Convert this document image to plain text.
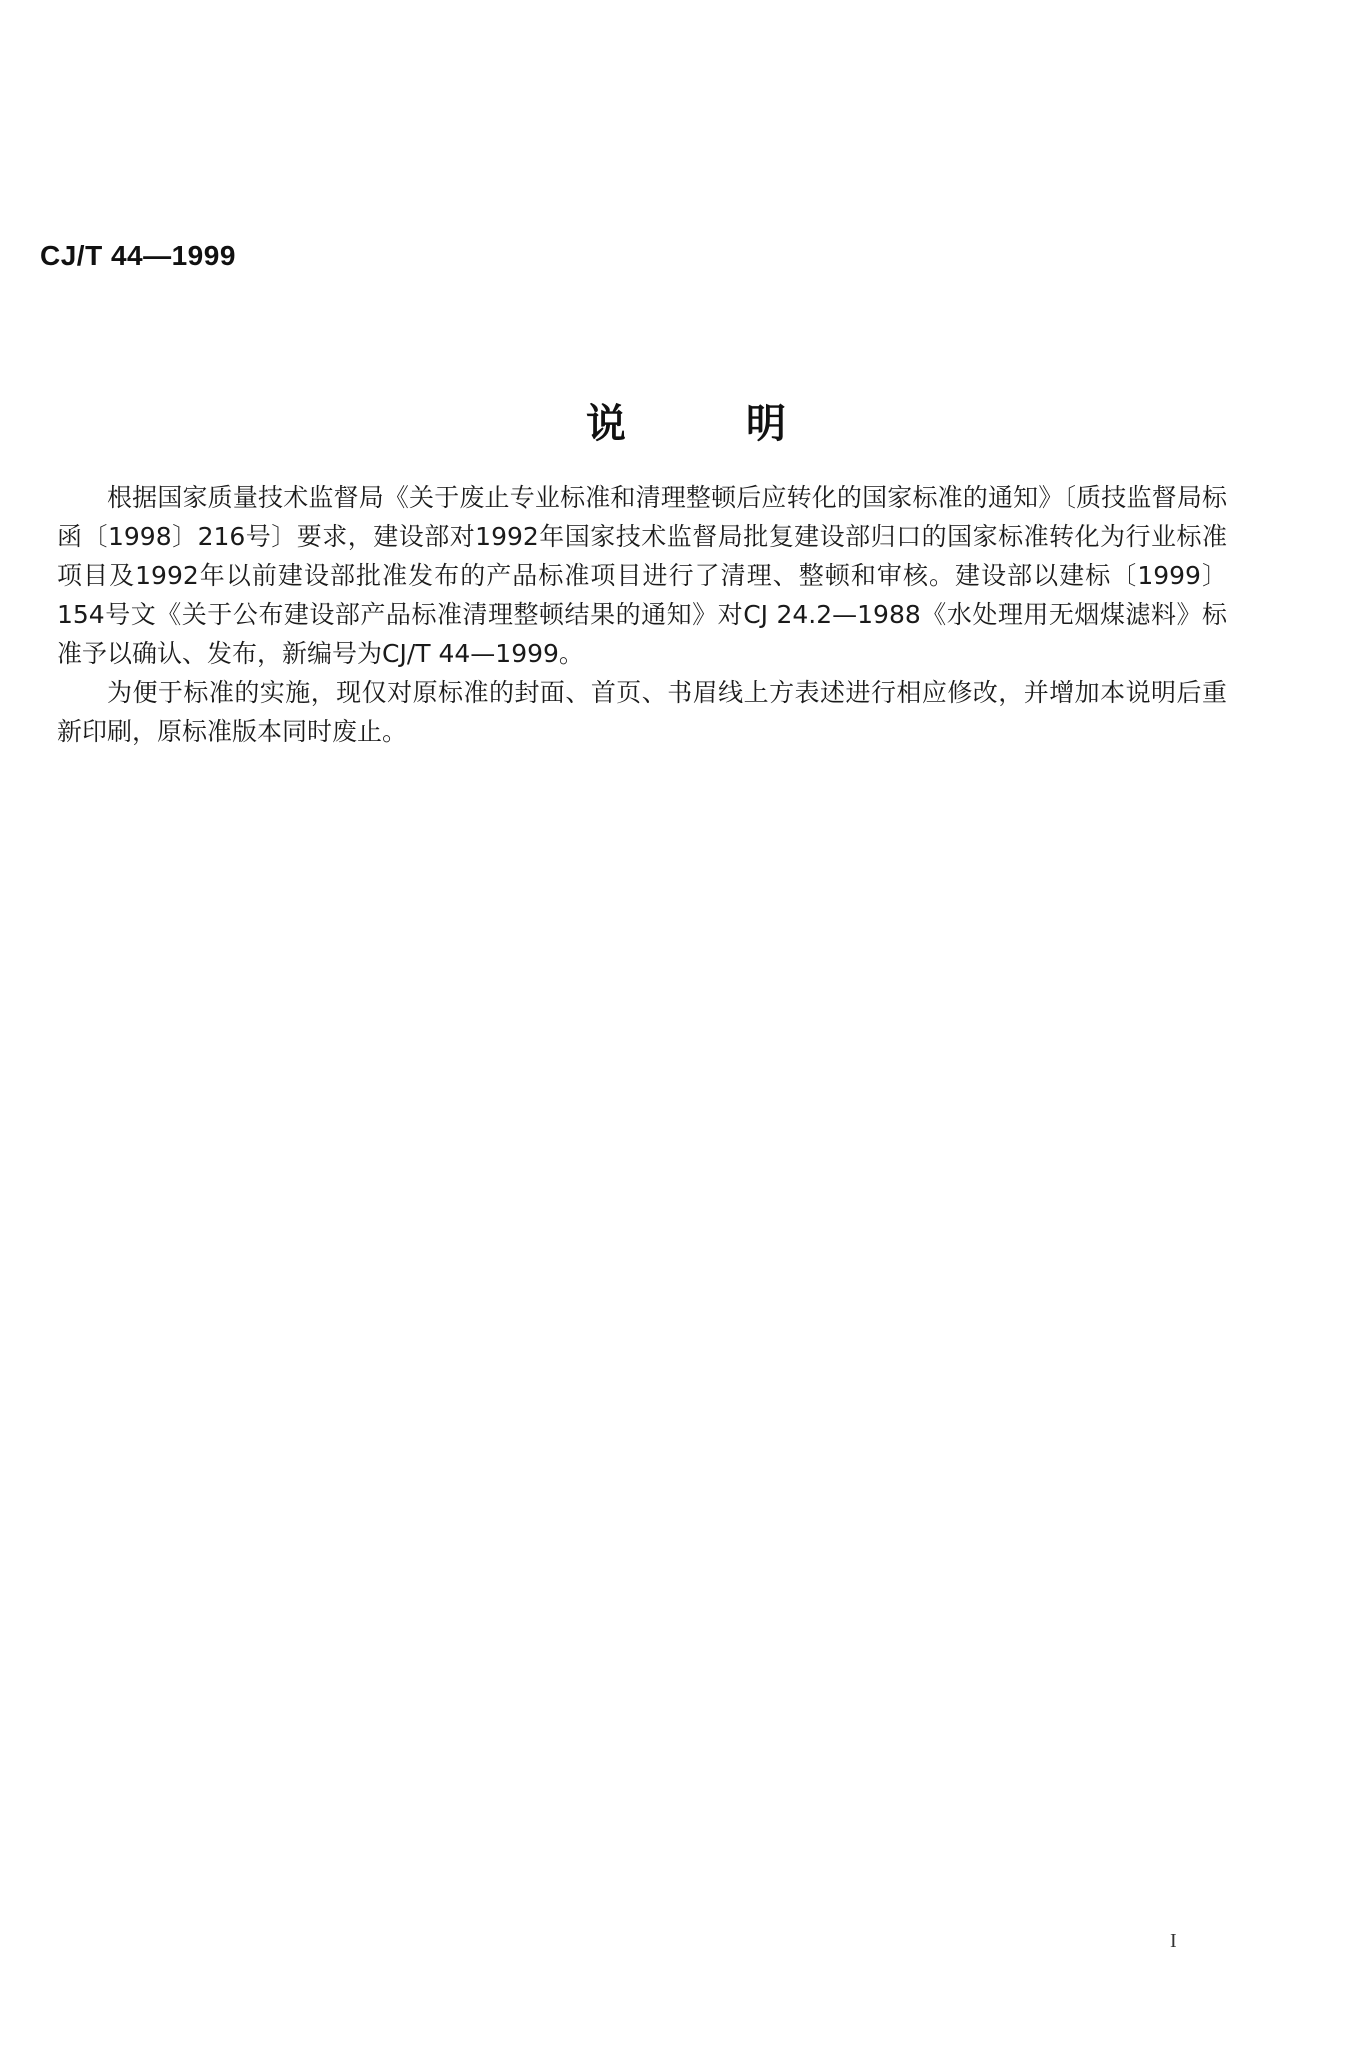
CJ/T 44—1999
说	明

根据国家质量技术监督局《关于废止专业标准和清理整顿后应转化的国家标准的通知》〔质技监督局标函〔1998〕216号〕要求，建设部对1992年国家技术监督局批复建设部归口的国家标准转化为行业标准项目及1992年以前建设部批准发布的产品标准项目进行了清理、整顿和审核。建设部以建标〔1999〕154号文《关于公布建设部产品标准清理整顿结果的通知》对CJ 24.2—1988《水处理用无烟煤滤料》标准予以确认、发布，新编号为CJ/T 44—1999。

为便于标准的实施，现仅对原标准的封面、首页、书眉线上方表述进行相应修改，并增加本说明后重新印刷，原标准版本同时废止。

I
